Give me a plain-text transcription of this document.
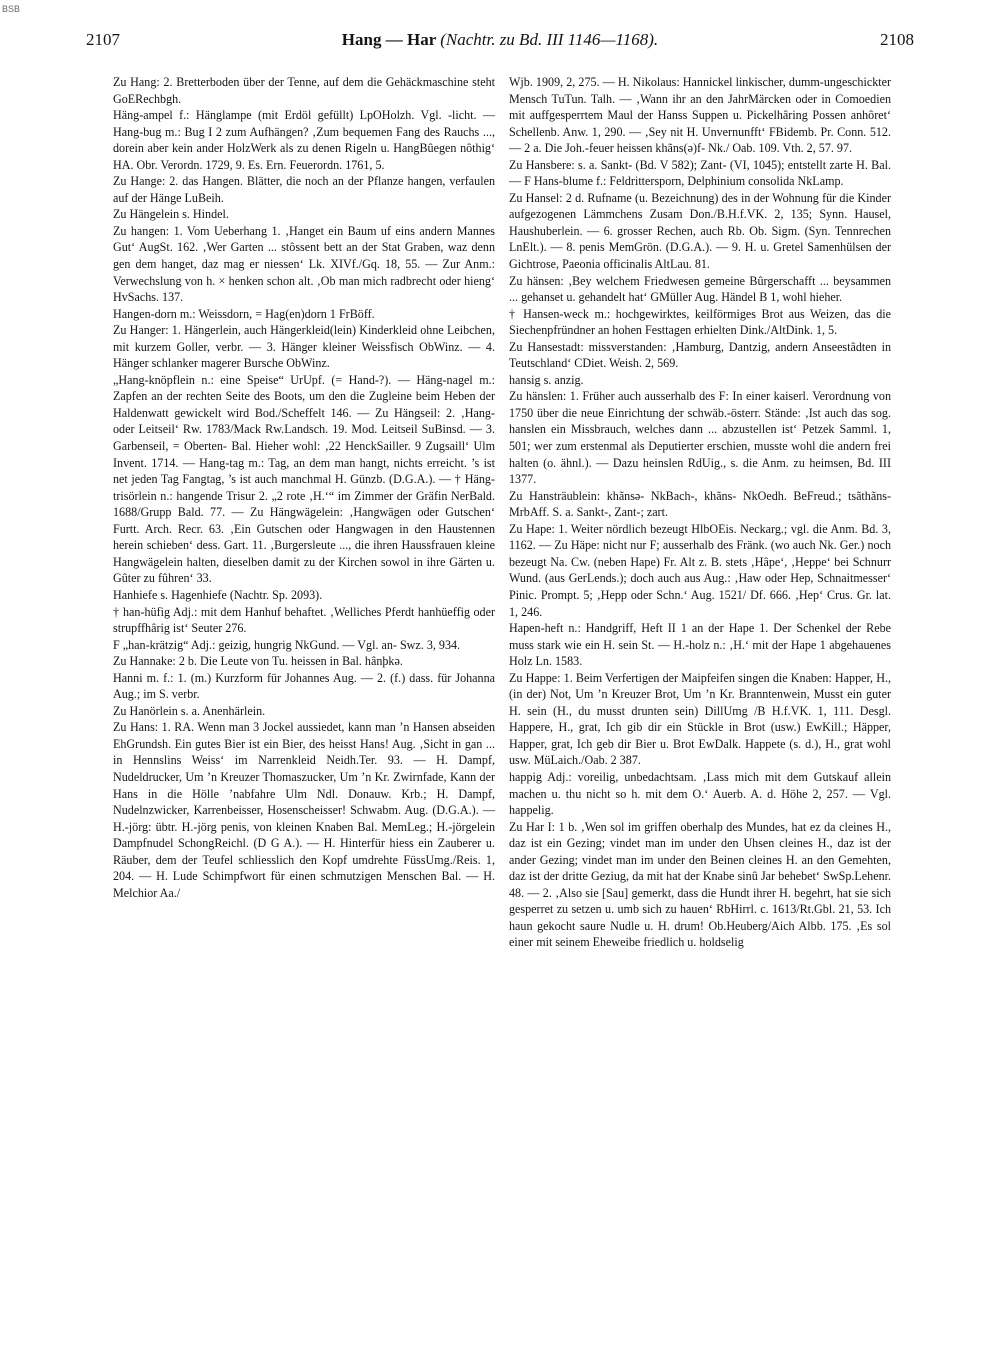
BSB
2107	Hang — Har (Nachtr. zu Bd. III 1146—1168).	2108

Zu Hang: 2. Bretterboden über der Tenne, auf dem die Gehäckmaschine steht GoERechbgh.

Häng-ampel f.: Hänglampe (mit Erdöl gefüllt) LpOHolzh. Vgl. -licht. — Hang-bug m.: Bug I 2 zum Aufhängen? ‚Zum bequemen Fang des Rauchs ..., dorein aber kein ander HolzWerk als zu denen Rigeln u. HangBûegen nôthig‘ HA. Obr. Verordn. 1729, 9. Es. Ern. Feuerordn. 1761, 5.

Zu Hange: 2. das Hangen. Blätter, die noch an der Pflanze hangen, verfaulen auf der Hänge LuBeih.

Zu Hängelein s. Hindel.

Zu hangen: 1. Vom Ueberhang 1. ‚Hanget ein Baum uf eins andern Mannes Gut‘ AugSt. 162. ‚Wer Garten ... stôssent bett an der Stat Graben, waz denn gen dem hanget, daz mag er niessen‘ Lk. XIVf./Gq. 18, 55. — Zur Anm.: Verwechslung von h. × henken schon alt. ‚Ob man mich radbrecht oder hieng‘ HvSachs. 137.

Hangen-dorn m.: Weissdorn, = Hag(en)dorn 1 FrBöff.

Zu Hanger: 1. Hängerlein, auch Hängerkleid(lein) Kinderkleid ohne Leibchen, mit kurzem Goller, verbr. — 3. Hänger kleiner Weissfisch ObWinz. — 4. Hänger schlanker magerer Bursche ObWinz.

„Hang-knöpflein n.: eine Speise“ UrUpf. (= Hand-?). — Häng-nagel m.: Zapfen an der rechten Seite des Boots, um den die Zugleine beim Heben der Haldenwatt gewickelt wird Bod./Scheffelt 146. — Zu Hängseil: 2. ‚Hang- oder Leitseil‘ Rw. 1783/Mack Rw.Landsch. 19. Mod. Leitseil SuBinsd. — 3. Garbenseil, = Oberten- Bal. Hieher wohl: ‚22 HenckSailler. 9 Zugsaill‘ Ulm Invent. 1714. — Hang-tag m.: Tag, an dem man hangt, nichts erreicht. ’s ist net jeden Tag Fangtag, ’s ist auch manchmal H. Günzb. (D.G.A.). — † Häng-trisörlein n.: hangende Trisur 2. „2 rote ‚H.‘“ im Zimmer der Gräfin NerBald. 1688/Grupp Bald. 77. — Zu Hängwägelein: ‚Hangwägen oder Gutschen‘ Furtt. Arch. Recr. 63. ‚Ein Gutschen oder Hangwagen in den Haustennen herein schieben‘ dess. Gart. 11. ‚Burgersleute ..., die ihren Haussfrauen kleine Hangwägelein halten, dieselben damit zu der Kirchen sowol in ihre Gärten u. Gûter zu fûhren‘ 33.

Hanhiefe s. Hagenhiefe (Nachtr. Sp. 2093).

† han-hüfig Adj.: mit dem Hanhuf behaftet. ‚Welliches Pferdt hanhüeffig oder strupffhârig ist‘ Seuter 276.

F „han-krätzig“ Adj.: geizig, hungrig NkGund. — Vgl. an- Swz. 3, 934.

Zu Hannake: 2 b. Die Leute von Tu. heissen in Bal. hânþkə.

Hanni m. f.: 1. (m.) Kurzform für Johannes Aug. — 2. (f.) dass. für Johanna Aug.; im S. verbr.

Zu Hanörlein s. a. Anenhärlein.

Zu Hans: 1. RA. Wenn man 3 Jockel aussiedet, kann man ’n Hansen abseiden EhGrundsh. Ein gutes Bier ist ein Bier, des heisst Hans! Aug. ‚Sicht in gan ... in Hennslins Weiss‘ im Narrenkleid Neidh.Ter. 93. — H. Dampf, Nudeldrucker, Um ’n Kreuzer Thomaszucker, Um ’n Kr. Zwirnfade, Kann der Hans in die Hölle ’nabfahre Ulm Ndl. Donauw. Krb.; H. Dampf, Nudelnzwicker, Karrenbeisser, Hosenscheisser! Schwabm. Aug. (D.G.A.). — H.-jörg: übtr. H.-jörg penis, von kleinen Knaben Bal. MemLeg.; H.-jörgelein Dampfnudel SchongReichl. (D G A.). — H. Hinterfür hiess ein Zauberer u. Räuber, dem der Teufel schliesslich den Kopf umdrehte FüssUmg./Reis. 1, 204. — H. Lude Schimpfwort für einen schmutzigen Menschen Bal. — H. Melchior Aa./

Wjb. 1909, 2, 275. — H. Nikolaus: Hannickel linkischer, dumm-ungeschickter Mensch TuTun. Talh. — ‚Wann ihr an den JahrMärcken oder in Comoedien mit auffgesperrtem Maul der Hanss Suppen u. Pickelhâring Possen anhôret‘ Schellenb. Anw. 1, 290. — ‚Sey nit H. Unvernunfft‘ FBidemb. Pr. Conn. 512. — 2 a. Die Joh.-feuer heissen khãns(ə)f- Nk./ Oab. 109. Vth. 2, 57. 97.

Zu Hansbere: s. a. Sankt- (Bd. V 582); Zant- (VI, 1045); entstellt zarte H. Bal. — F Hans-blume f.: Feldrittersporn, Delphinium consolida NkLamp.

Zu Hansel: 2 d. Rufname (u. Bezeichnung) des in der Wohnung für die Kinder aufgezogenen Lämmchens Zusam Don./B.H.f.VK. 2, 135; Synn. Hausel, Haushuberlein. — 6. grosser Rechen, auch Rb. Ob. Sigm. (Syn. Tennrechen LnElt.). — 8. penis MemGrön. (D.G.A.). — 9. H. u. Gretel Samenhülsen der Gichtrose, Paeonia officinalis AltLau. 81.

Zu hänsen: ‚Bey welchem Friedwesen gemeine Bûrgerschafft ... beysammen ... gehanset u. gehandelt hat‘ GMüller Aug. Händel B 1, wohl hieher.

† Hansen-weck m.: hochgewirktes, keilförmiges Brot aus Weizen, das die Siechenpfründner an hohen Festtagen erhielten Dink./AltDink. 1, 5.

Zu Hansestadt: missverstanden: ‚Hamburg, Dantzig, andern Anseestâdten in Teutschland‘ CDiet. Weish. 2, 569.

hansig s. anzig.

Zu hänslen: 1. Früher auch ausserhalb des F: In einer kaiserl. Verordnung von 1750 über die neue Einrichtung der schwäb.-österr. Stände: ‚Ist auch das sog. hanslen ein Missbrauch, welches dann ... abzustellen ist‘ Petzek Samml. 1, 501; wer zum erstenmal als Deputierter erschien, musste wohl die andern frei halten (o. ähnl.). — Dazu heinslen RdUig., s. die Anm. zu heimsen, Bd. III 1377.

Zu Hansträublein: khãnsə- NkBach-, khãns- NkOedh. BeFreud.; tsãthãns- MrbAff. S. a. Sankt-, Zant-; zart.

Zu Hape: 1. Weiter nördlich bezeugt HlbOEis. Neckarg.; vgl. die Anm. Bd. 3, 1162. — Zu Häpe: nicht nur F; ausserhalb des Fränk. (wo auch Nk. Ger.) noch bezeugt Na. Cw. (neben Hape) Fr. Alt z. B. stets ‚Hâpe‘, ‚Heppe‘ bei Schnurr Wund. (aus GerLends.); doch auch aus Aug.: ‚Haw oder Hep, Schnaitmesser‘ Pinic. Prompt. 5; ‚Hepp oder Schn.‘ Aug. 1521/ Df. 666. ‚Hep‘ Crus. Gr. lat. 1, 246.

Hapen-heft n.: Handgriff, Heft II 1 an der Hape 1. Der Schenkel der Rebe muss stark wie ein H. sein St. — H.-holz n.: ‚H.‘ mit der Hape 1 abgehauenes Holz Ln. 1583.

Zu Happe: 1. Beim Verfertigen der Maipfeifen singen die Knaben: Happer, H., (in der) Not, Um ’n Kreuzer Brot, Um ’n Kr. Branntenwein, Musst ein guter H. sein (H., du musst drunten sein) DillUmg /B H.f.VK. 1, 111. Desgl. Happere, H., grat, Ich gib dir ein Stückle in Brot (usw.) EwKill.; Häpper, Happer, grat, Ich geb dir Bier u. Brot EwDalk. Happete (s. d.), H., grat wohl usw. MüLaich./Oab. 2 387.

happig Adj.: voreilig, unbedachtsam. ‚Lass mich mit dem Gutskauf allein machen u. thu nicht so h. mit dem O.‘ Auerb. A. d. Höhe 2, 257. — Vgl. happelig.

Zu Har I: 1 b. ‚Wen sol im griffen oberhalp des Mundes, hat ez da cleines H., daz ist ein Gezing; vindet man im under den Uhsen cleines H., daz ist der ander Gezing; vindet man im under den Beinen cleines H. an den Gemehten, daz ist der dritte Geziug, da mit hat der Knabe sinû Jar behebet‘ SwSp.Lehenr. 48. — 2. ‚Also sie [Sau] gemerkt, dass die Hundt ihrer H. begehrt, hat sie sich gesperret zu setzen u. umb sich zu hauen‘ RbHirrl. c. 1613/Rt.Gbl. 21, 53. Ich haun gekocht saure Nudle u. H. drum! Ob.Heuberg/Aich Albb. 175. ‚Es sol einer mit seinem Eheweibe friedlich u. holdselig
